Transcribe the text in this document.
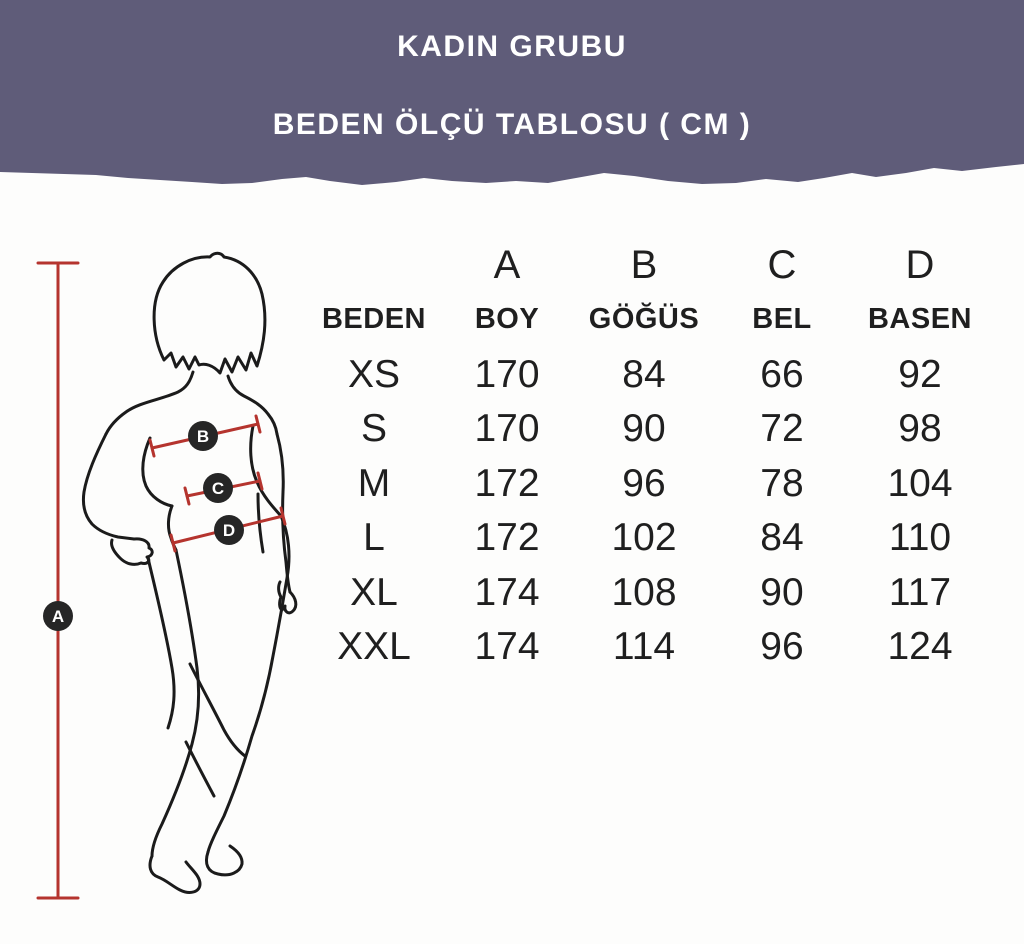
KADIN GRUBU
BEDEN ÖLÇÜ TABLOSU ( CM )
A
B
C
D
A	B	C	D
BEDEN BOY GÖĞÜS BEL BASEN
XS 170 84 66 92
S 170 90 72 98
M 172 96 78 104
L 172 102 84 110
XL 174 108 90 117
XXL 174 114 96 124
